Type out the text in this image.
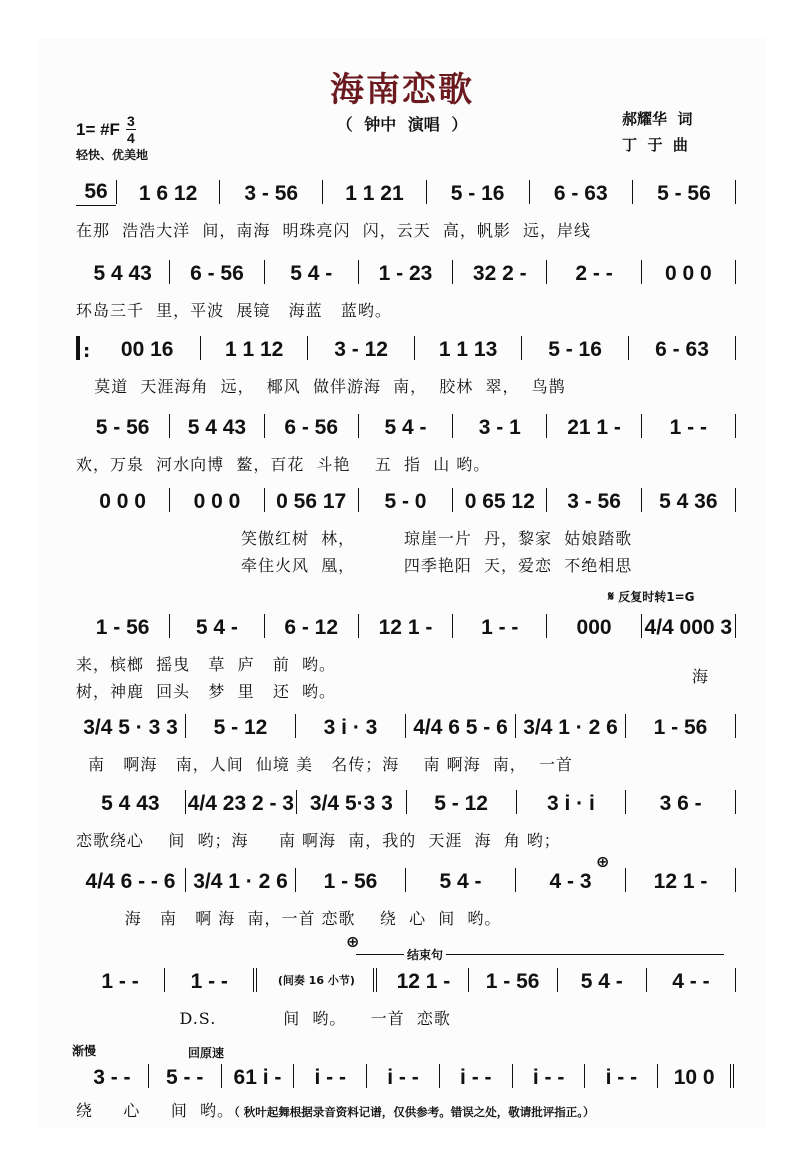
海南恋歌
（ 钟中 演唱 ）
1= #F $\frac{3}{4}$
轻快、优美地
郝耀华  词
丁  于  曲
56	1 6 12	3 - 56	1 1 21	5 - 16	6 - 63	5 - 56
在那  浩浩大洋  间，南海  明珠亮闪  闪，云天  高，帆影  远，岸线
5 4 43	6 - 56	5 4 -	1 - 23	32 2 -	2 - -	0 0 0
环岛三千  里，平波  展镜   海蓝   蓝哟。
:	00 16	1 1 12	3 - 12	1 1 13	5 - 16	6 - 63
莫道  天涯海角  远，  椰风  做伴游海  南，  胶林  翠，  鸟鹊
5 - 56	5 4 43	6 - 56	5 4 -	3 - 1	21 1 -	1 - -
欢，万泉  河水向博  鳌，百花  斗艳    五  指  山 哟。
0 0 0	0 0 0	0 56 17	5 - 0	0 65 12	3 - 56	5 4 36
笑傲红树  林，        琼崖一片  丹，黎家  姑娘踏歌
牵住火风  凰，        四季艳阳  天，爱恋  不绝相思
𝄋 反复时转1=G
1 - 56	5 4 -	6 - 12	12 1 -	1 - -	000	4/4 000 3
来，槟榔  摇曳   草  庐   前  哟。
树，神鹿  回头   梦  里   还  哟。
海
3/4 5 · 3 3	5 - 12	3 i · 3	4/4 6 5 - 6 3/4 1 · 2 6	1 - 56
南   啊海   南，人间  仙境 美   名传；海    南 啊海  南，  一首
5 4 43	4/4 23 2 - 3 3/4 5·3 3	5 - 12	3 i · i	3 6 -
恋歌绕心    间  哟；海     南 啊海  南，我的  天涯  海  角 哟；
⊕
4/4 6 - - 6 3/4 1 · 2 6	1 - 56	5 4 -	4 - 3	12 1 -
海   南   啊 海  南，一首 恋歌    绕  心  间  哟。
⊕
结束句
1 - -	1 - -	(间奏 16 小节)	12 1 -	1 - 56	5 4 -	4 - -
D.S.           间  哟。    一首  恋歌
渐慢	回原速
3 - -	5 - -	61 i -	i - -	i - -	i - -	i - -	i - -	10 0
绕     心     间  哟。（ 秋叶起舞根据录音资料记谱，仅供参考。错误之处，敬请批评指正。）
